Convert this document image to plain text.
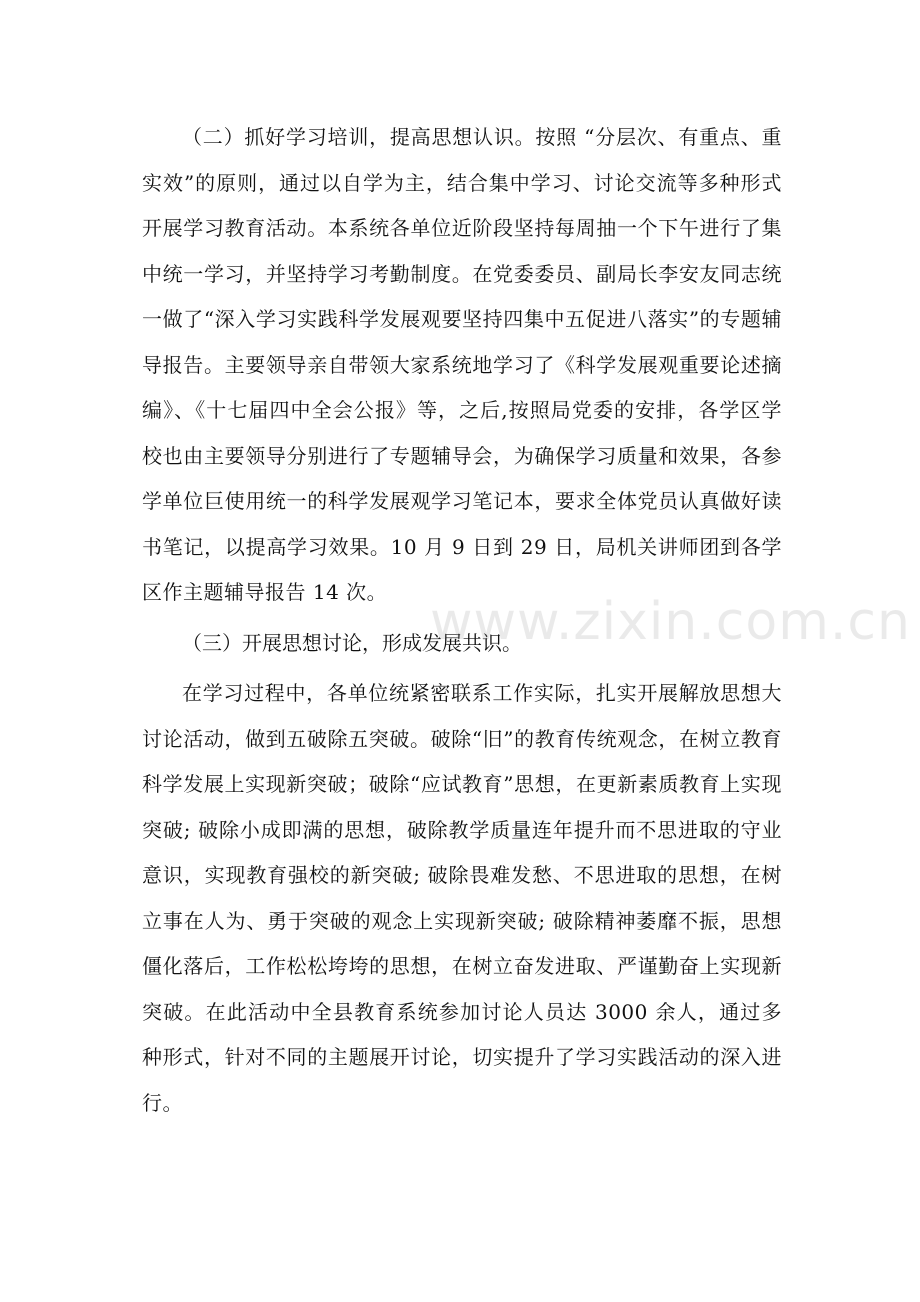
（二）抓好学习培训，提高思想认识。按照 “分层次、有重点、重实效”的原则，通过以自学为主，结合集中学习、讨论交流等多种形式开展学习教育活动。本系统各单位近阶段坚持每周抽一个下午进行了集中统一学习，并坚持学习考勤制度。在党委委员、副局长李安友同志统一做了“深入学习实践科学发展观要坚持四集中五促进八落实”的专题辅导报告。主要领导亲自带领大家系统地学习了《科学发展观重要论述摘编》、《十七届四中全会公报》等，之后,按照局党委的安排，各学区学校也由主要领导分别进行了专题辅导会，为确保学习质量和效果，各参学单位巨使用统一的科学发展观学习笔记本，要求全体党员认真做好读书笔记，以提高学习效果。10 月 9 日到 29 日，局机关讲师团到各学区作主题辅导报告 14 次。

（三）开展思想讨论，形成发展共识。

在学习过程中，各单位统紧密联系工作实际，扎实开展解放思想大讨论活动，做到五破除五突破。破除“旧”的教育传统观念，在树立教育科学发展上实现新突破；破除“应试教育”思想，在更新素质教育上实现突破; 破除小成即满的思想，破除教学质量连年提升而不思进取的守业意识，实现教育强校的新突破; 破除畏难发愁、不思进取的思想，在树立事在人为、勇于突破的观念上实现新突破; 破除精神萎靡不振，思想僵化落后，工作松松垮垮的思想，在树立奋发进取、严谨勤奋上实现新突破。在此活动中全县教育系统参加讨论人员达 3000 余人，通过多种形式，针对不同的主题展开讨论，切实提升了学习实践活动的深入进行。

www.zixin.com.cn
